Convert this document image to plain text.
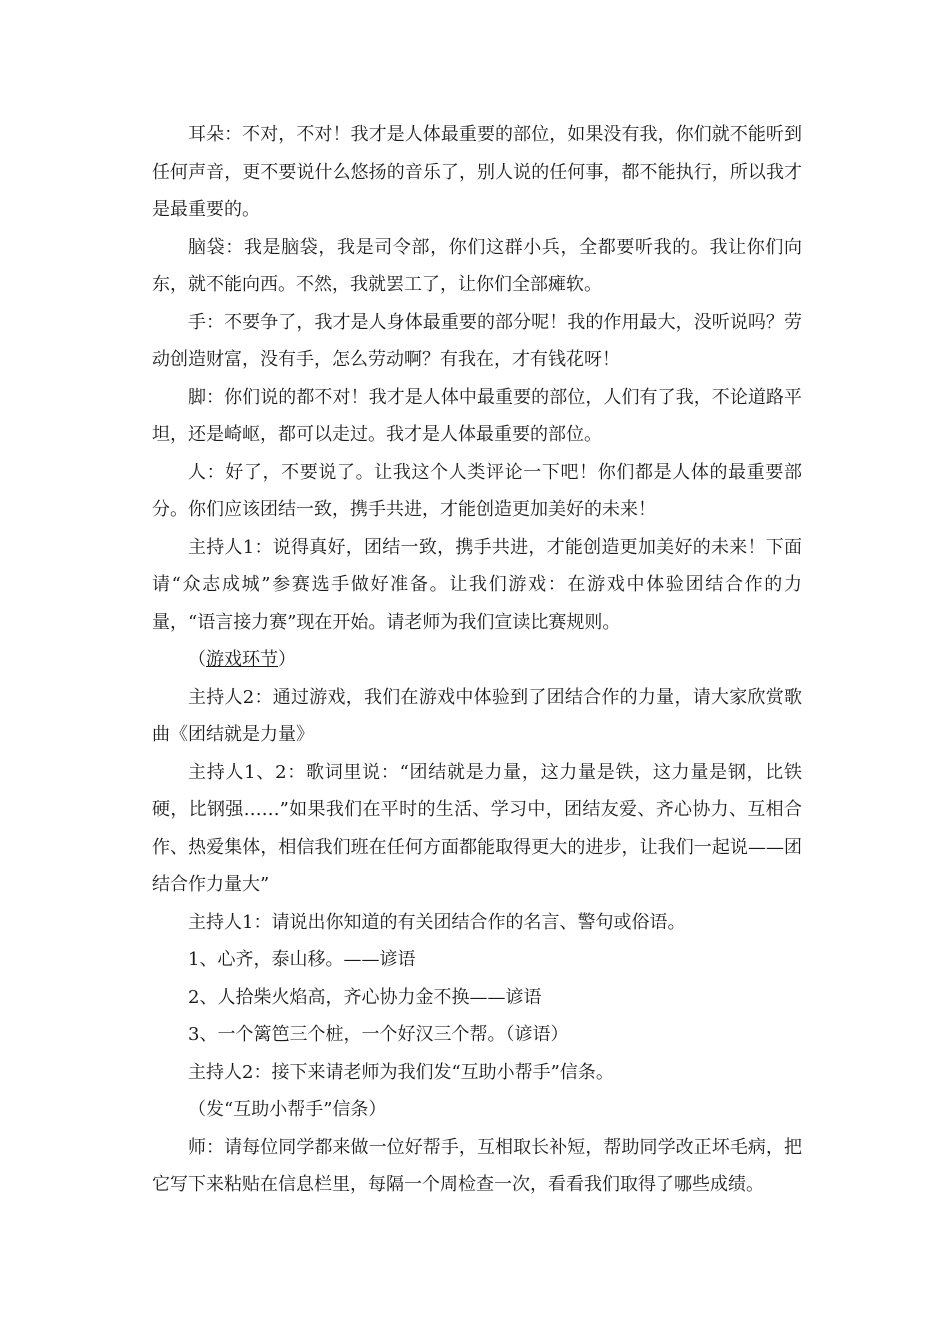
耳朵：不对，不对！我才是人体最重要的部位，如果没有我，你们就不能听到任何声音，更不要说什么悠扬的音乐了，别人说的任何事，都不能执行，所以我才是最重要的。

脑袋：我是脑袋，我是司令部，你们这群小兵，全都要听我的。我让你们向东，就不能向西。不然，我就罢工了，让你们全部瘫软。

手：不要争了，我才是人身体最重要的部分呢！我的作用最大，没听说吗？劳动创造财富，没有手，怎么劳动啊？有我在，才有钱花呀！

脚：你们说的都不对！我才是人体中最重要的部位，人们有了我，不论道路平坦，还是崎岖，都可以走过。我才是人体最重要的部位。

人：好了，不要说了。让我这个人类评论一下吧！你们都是人体的最重要部分。你们应该团结一致，携手共进，才能创造更加美好的未来！

主持人1：说得真好，团结一致，携手共进，才能创造更加美好的未来！下面请“众志成城”参赛选手做好准备。让我们游戏：在游戏中体验团结合作的力量，“语言接力赛”现在开始。请老师为我们宣读比赛规则。

（游戏环节）

主持人2：通过游戏，我们在游戏中体验到了团结合作的力量，请大家欣赏歌曲《团结就是力量》

主持人1、2：歌词里说：“团结就是力量，这力量是铁，这力量是钢，比铁硬，比钢强……”如果我们在平时的生活、学习中，团结友爱、齐心协力、互相合作、热爱集体，相信我们班在任何方面都能取得更大的进步，让我们一起说——团结合作力量大”

主持人1：请说出你知道的有关团结合作的名言、警句或俗语。

1、心齐，泰山移。——谚语

2、人拾柴火焰高，齐心协力金不换——谚语

3、一个篱笆三个桩，一个好汉三个帮。（谚语）

主持人2：接下来请老师为我们发“互助小帮手”信条。

（发“互助小帮手”信条）

师：请每位同学都来做一位好帮手，互相取长补短，帮助同学改正坏毛病，把它写下来粘贴在信息栏里，每隔一个周检查一次，看看我们取得了哪些成绩。
